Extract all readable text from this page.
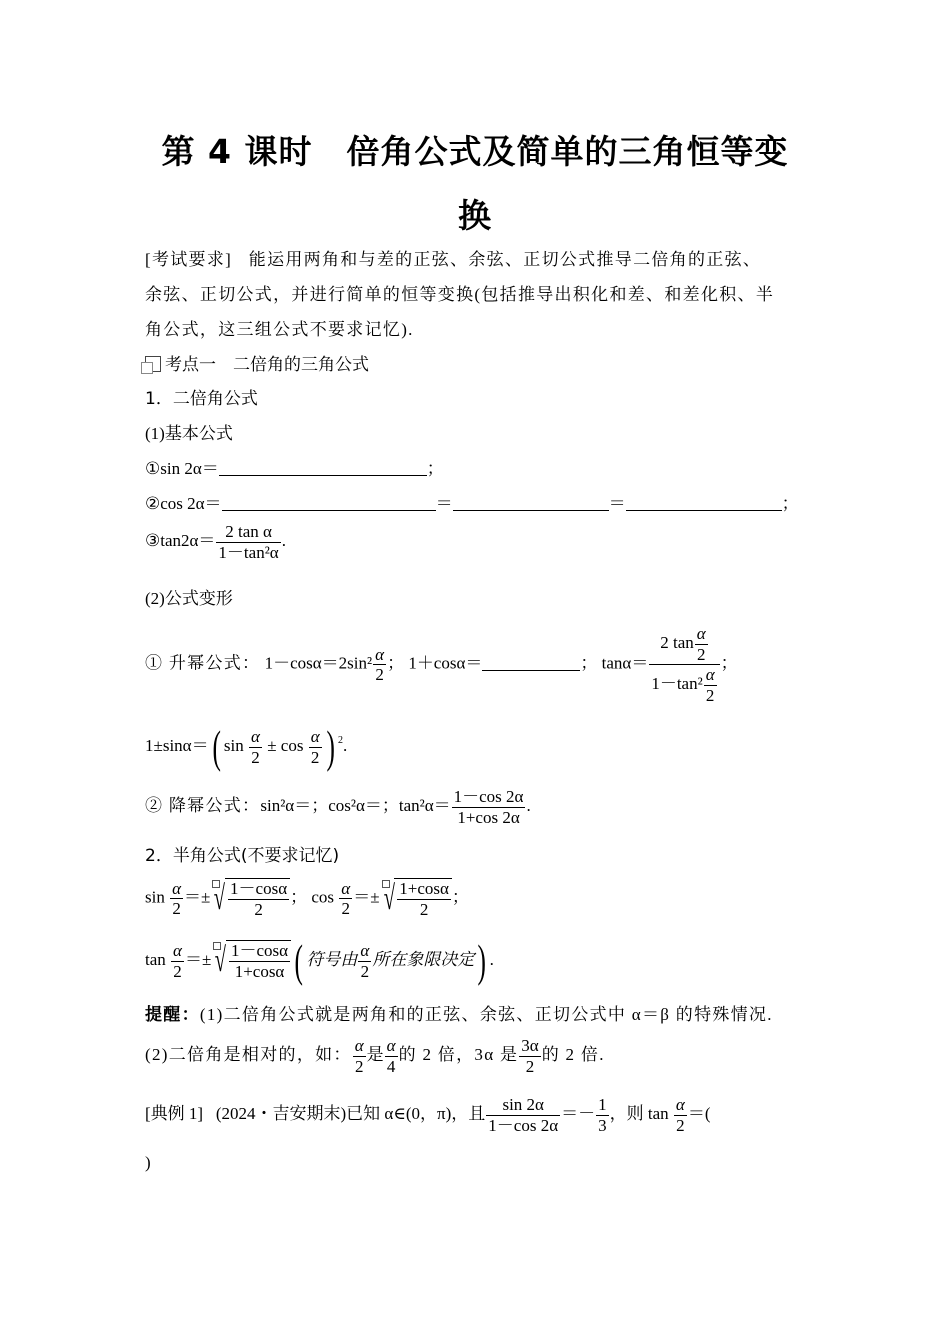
第 4 课时　倍角公式及简单的三角恒等变
换
[考试要求] 能运用两角和与差的正弦、余弦、正切公式推导二倍角的正弦、
余弦、正切公式，并进行简单的恒等变换(包括推导出积化和差、和差化积、半
角公式，这三组公式不要求记忆).
考点一　二倍角的三角公式
1．二倍角公式
(1)基本公式
①sin 2α＝	；
②cos 2α＝	＝	＝	；
③tan2α＝ $\frac{\text{2 tan α}}{\text{1－tan²α}}$ .
(2)公式变形
① 升幂公式： $1-\cos\alpha=2\sin^2 \frac{\alpha}{2}$ ； 1＋cosα＝	； $\tan\alpha= \frac{2 \tan \frac{\alpha}{2}}{1-\tan^2 \frac{\alpha}{2}}$ ；
1±sinα＝( $\sin \frac{\alpha}{2} \pm \cos \frac{\alpha}{2}$ ) $^2$.
② 降幂公式：sin²α＝；cos²α＝；$\tan^2\alpha= \frac{1-\cos 2\alpha}{1+\cos 2\alpha}$ .
2．半角公式(不要求记忆)
$\sin \frac{\alpha}{2}$ ＝± √ $\frac{1-\cos\alpha}{2}$ ； $\cos \frac{\alpha}{2}$ ＝± √ $\frac{1+\cos\alpha}{2}$ ；
$\tan \frac{\alpha}{2}$ ＝± √ $\frac{1-\cos\alpha}{1+\cos\alpha}$ ( 符号由 $\frac{\alpha}{2}$ 所在象限决定) .
提醒：(1)二倍角公式就是两角和的正弦、余弦、正切公式中 α＝β 的特殊情况.
(2)二倍角是相对的，如： $\frac{\alpha}{2}$ 是 $\frac{\alpha}{4}$ 的 2 倍，3α 是 $\frac{3\alpha}{2}$ 的 2 倍.
[典例 1] (2024・吉安期末)已知 α∈(0，π)，且 $\frac{\sin 2\alpha}{1-\cos 2\alpha} =- \frac{1}{3}$ ，则 $\tan \frac{\alpha}{2}$ ＝(
)
